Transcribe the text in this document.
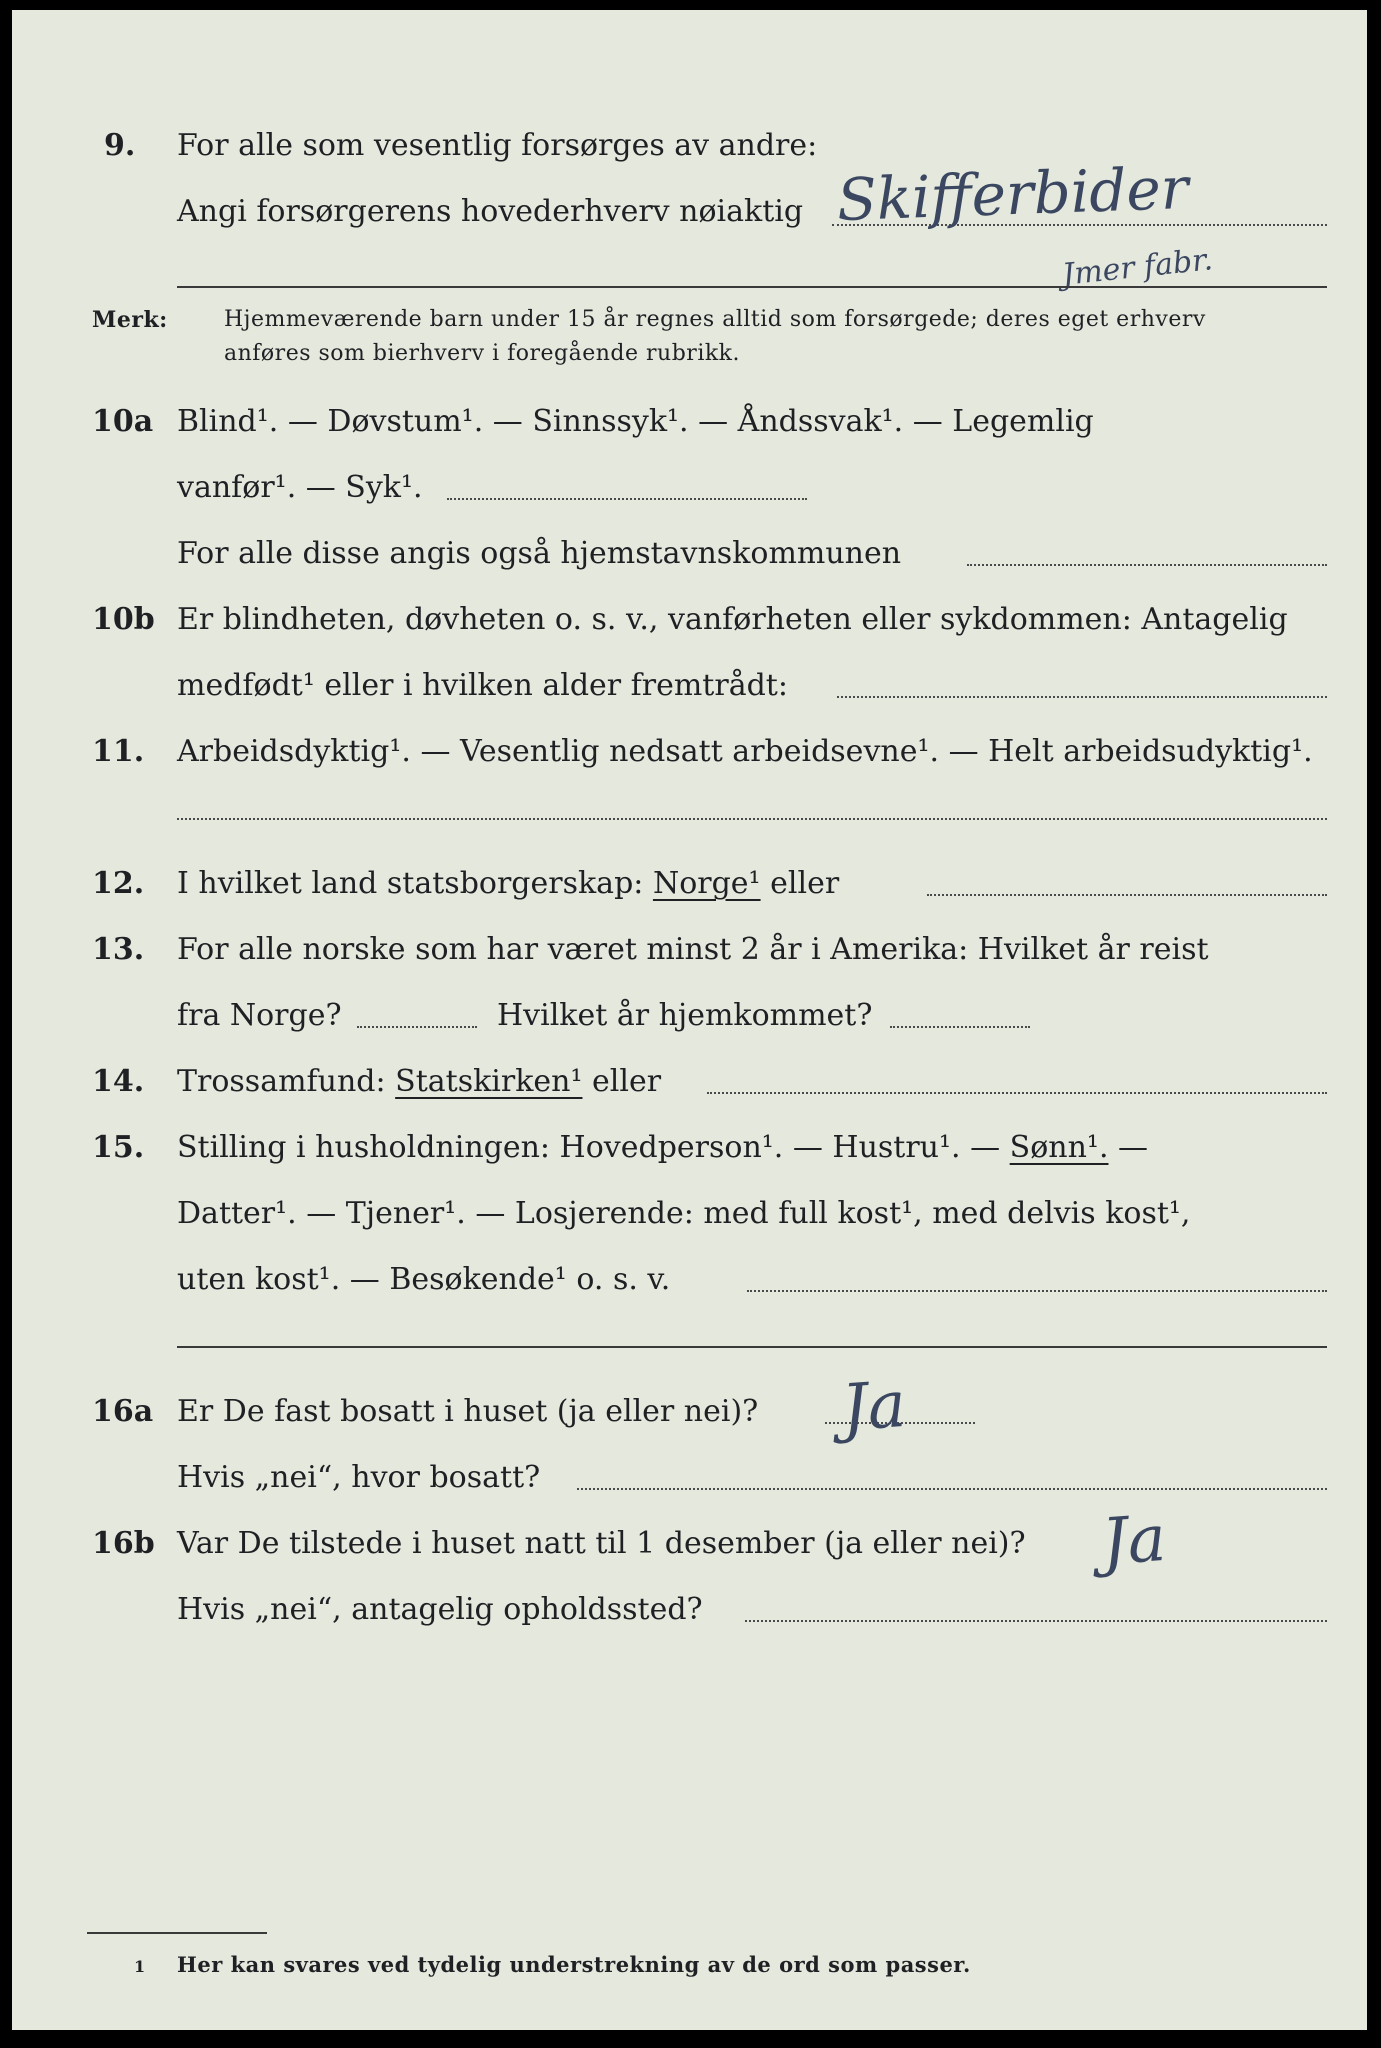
9. For alle som vesentlig forsørges av andre:
Angi forsørgerens hovederhverv nøiaktig Skifferbider
Jmer fabr.
Merk:	Hjemmeværende barn under 15 år regnes alltid som forsørgede; deres eget erhverv
anføres som bierhverv i foregående rubrikk.
10a Blind¹. — Døvstum¹. — Sinnssyk¹. — Åndssvak¹. — Legemlig
vanfør¹. — Syk¹.
For alle disse angis også hjemstavnskommunen
10b Er blindheten, døvheten o. s. v., vanførheten eller sykdommen: Antagelig
medfødt¹ eller i hvilken alder fremtrådt:
11. Arbeidsdyktig¹. — Vesentlig nedsatt arbeidsevne¹. — Helt arbeidsudyktig¹.
12. I hvilket land statsborgerskap: Norge¹ eller
13. For alle norske som har været minst 2 år i Amerika: Hvilket år reist
fra Norge?	Hvilket år hjemkommet?
14. Trossamfund: Statskirken¹ eller
15. Stilling i husholdningen: Hovedperson¹. — Hustru¹. — Sønn¹. —
Datter¹. — Tjener¹. — Losjerende: med full kost¹, med delvis kost¹,
uten kost¹. — Besøkende¹ o. s. v.
16a Er De fast bosatt i huset (ja eller nei)? Ja
Hvis „nei“, hvor bosatt?
16b Var De tilstede i huset natt til 1 desember (ja eller nei)? Ja
Hvis „nei“, antagelig opholdssted?
1 Her kan svares ved tydelig understrekning av de ord som passer.
